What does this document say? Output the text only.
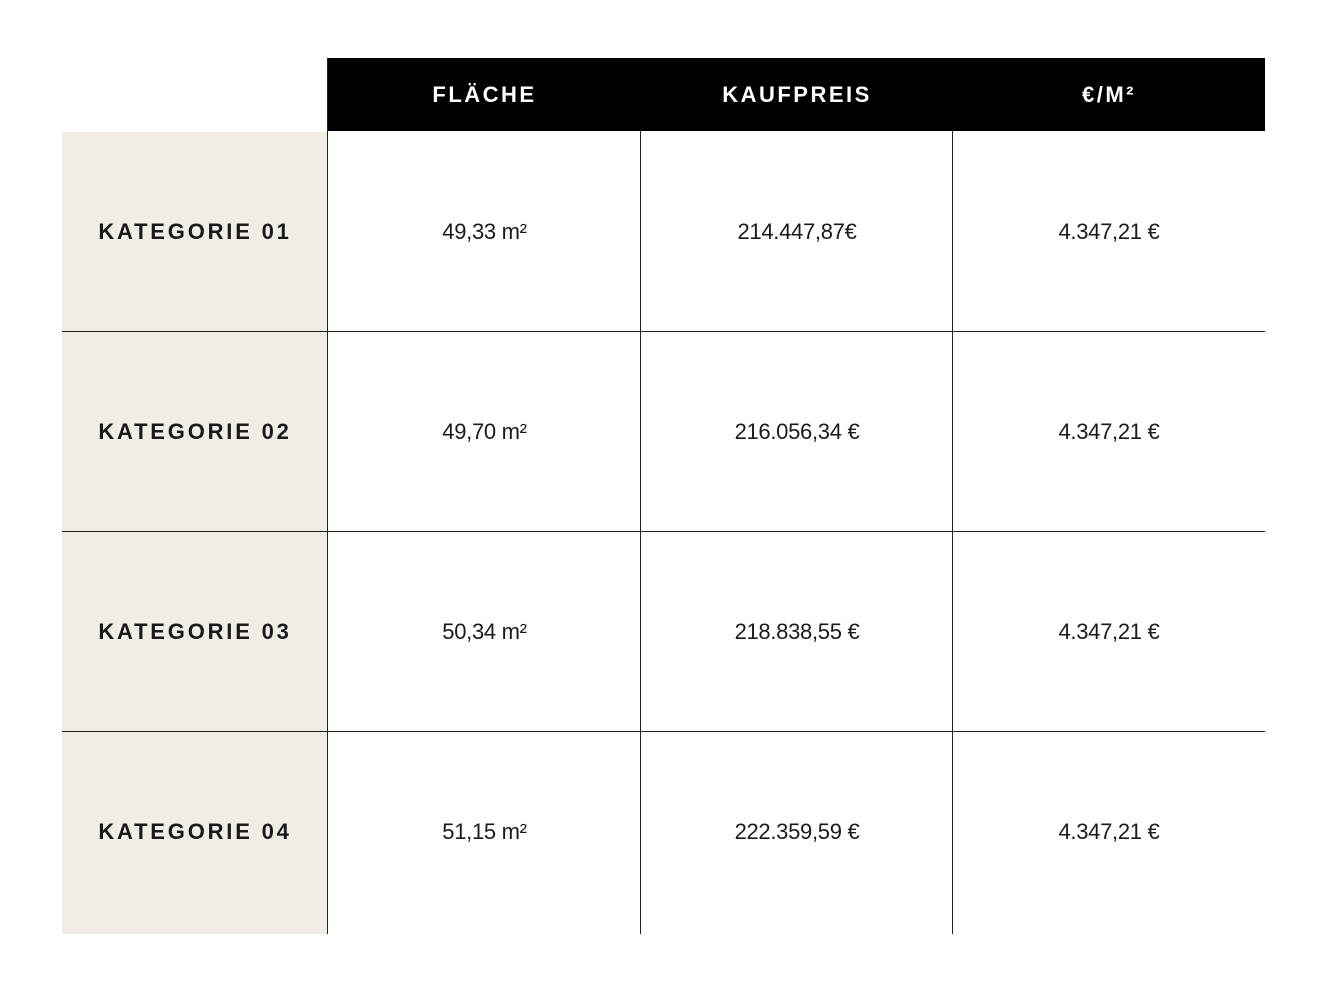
FLÄCHE	KAUFPREIS	€/M²
KATEGORIE 01	49,33 m²	214.447,87€	4.347,21 €
KATEGORIE 02	49,70 m²	216.056,34 €	4.347,21 €
KATEGORIE 03	50,34 m²	218.838,55 €	4.347,21 €
KATEGORIE 04	51,15 m²	222.359,59 €	4.347,21 €
